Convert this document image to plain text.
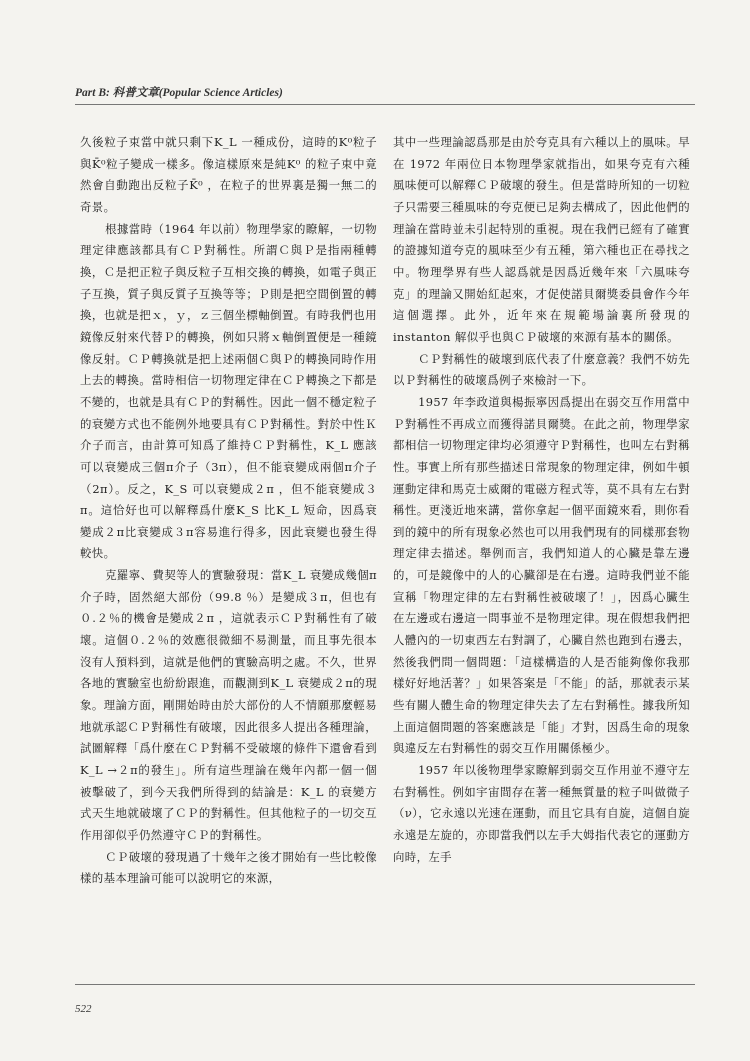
Part B: 科普文章(Popular Science Articles)

久後粒子束當中就只剩下K_L 一種成份，這時的K⁰粒子與K̄⁰粒子變成一樣多。像這樣原來是純K⁰ 的粒子束中竟然會自動跑出反粒子K̄⁰ ，在粒子的世界裏是獨一無二的奇景。

根據當時（1964 年以前）物理學家的瞭解，一切物理定律應該都具有ＣＰ對稱性。所謂Ｃ與Ｐ是指兩種轉換，Ｃ是把正粒子與反粒子互相交換的轉換，如電子與正子互換，質子與反質子互換等等；Ｐ則是把空間倒置的轉換，也就是把ｘ，ｙ，ｚ三個坐標軸倒置。有時我們也用鏡像反射來代替Ｐ的轉換，例如只將ｘ軸倒置便是一種鏡像反射。ＣＰ轉換就是把上述兩個Ｃ與Ｐ的轉換同時作用上去的轉換。當時相信一切物理定律在ＣＰ轉換之下都是不變的，也就是具有ＣＰ的對稱性。因此一個不穩定粒子的衰變方式也不能例外地要具有ＣＰ對稱性。對於中性Ｋ介子而言，由計算可知爲了維持ＣＰ對稱性，K_L 應該可以衰變成三個π介子（3π），但不能衰變成兩個π介子（2π）。反之，K_S 可以衰變成２π ，但不能衰變成３π。這恰好也可以解釋爲什麼K_S 比K_L 短命，因爲衰變成２π比衰變成３π容易進行得多，因此衰變也發生得較快。

克羅寧、費契等人的實驗發現：當K_L 衰變成幾個π介子時，固然絕大部份（99.8 ％）是變成３π，但也有０.２％的機會是變成２π ，這就表示ＣＰ對稱性有了破壞。這個０.２％的效應很微細不易測量，而且事先很本沒有人預料到，這就是他們的實驗高明之處。不久，世界各地的實驗室也紛紛跟進，而觀測到K_L 衰變成２π的現象。理論方面，剛開始時由於大部份的人不情願那麼輕易地就承認ＣＰ對稱性有破壞，因此很多人提出各種理論，試圖解釋「爲什麼在ＣＰ對稱不受破壞的條件下還會看到K_L →２π的發生」。所有這些理論在幾年內都一個一個被擊破了，到今天我們所得到的結論是：K_L 的衰變方式天生地就破壞了ＣＰ的對稱性。但其他粒子的一切交互作用卻似乎仍然遵守ＣＰ的對稱性。

ＣＰ破壞的發現過了十幾年之後才開始有一些比較像樣的基本理論可能可以說明它的來源，

其中一些理論認爲那是由於夸克具有六種以上的風味。早在 1972 年兩位日本物理學家就指出，如果夸克有六種風味便可以解釋ＣＰ破壞的發生。但是當時所知的一切粒子只需要三種風味的夸克便已足夠去構成了，因此他們的理論在當時並未引起特別的重視。現在我們已經有了確實的證據知道夸克的風味至少有五種，第六種也正在尋找之中。物理學界有些人認爲就是因爲近幾年來「六風味夸克」的理論又開始紅起來，才促使諾貝爾獎委員會作今年這個選擇。此外，近年來在規範場論裏所發現的 instanton 解似乎也與ＣＰ破壞的來源有基本的關係。

ＣＰ對稱性的破壞到底代表了什麼意義？我們不妨先以Ｐ對稱性的破壞爲例子來檢討一下。

1957 年李政道與楊振寧因爲提出在弱交互作用當中Ｐ對稱性不再成立而獲得諾貝爾獎。在此之前，物理學家都相信一切物理定律均必須遵守Ｐ對稱性，也叫左右對稱性。事實上所有那些描述日常現象的物理定律，例如牛頓運動定律和馬克士威爾的電磁方程式等，莫不具有左右對稱性。更淺近地來講，當你拿起一個平面鏡來看，則你看到的鏡中的所有現象必然也可以用我們現有的同樣那套物理定律去描述。舉例而言，我們知道人的心臟是靠左邊的，可是鏡像中的人的心臟卻是在右邊。這時我們並不能宣稱「物理定律的左右對稱性被破壞了！」，因爲心臟生在左邊或右邊這一問事並不是物理定律。現在假想我們把人體內的一切東西左右對調了，心臟自然也跑到右邊去，然後我們問一個問題：「這樣構造的人是否能夠像你我那樣好好地活著？」如果答案是「不能」的話，那就表示某些有關人體生命的物理定律失去了左右對稱性。據我所知上面這個問題的答案應該是「能」才對，因爲生命的現象與違反左右對稱性的弱交互作用關係極少。

1957 年以後物理學家瞭解到弱交互作用並不遵守左右對稱性。例如宇宙間存在著一種無質量的粒子叫做微子（ν），它永遠以光速在運動，而且它具有自旋，這個自旋永遠是左旋的，亦即當我們以左手大姆指代表它的運動方向時，左手

522
